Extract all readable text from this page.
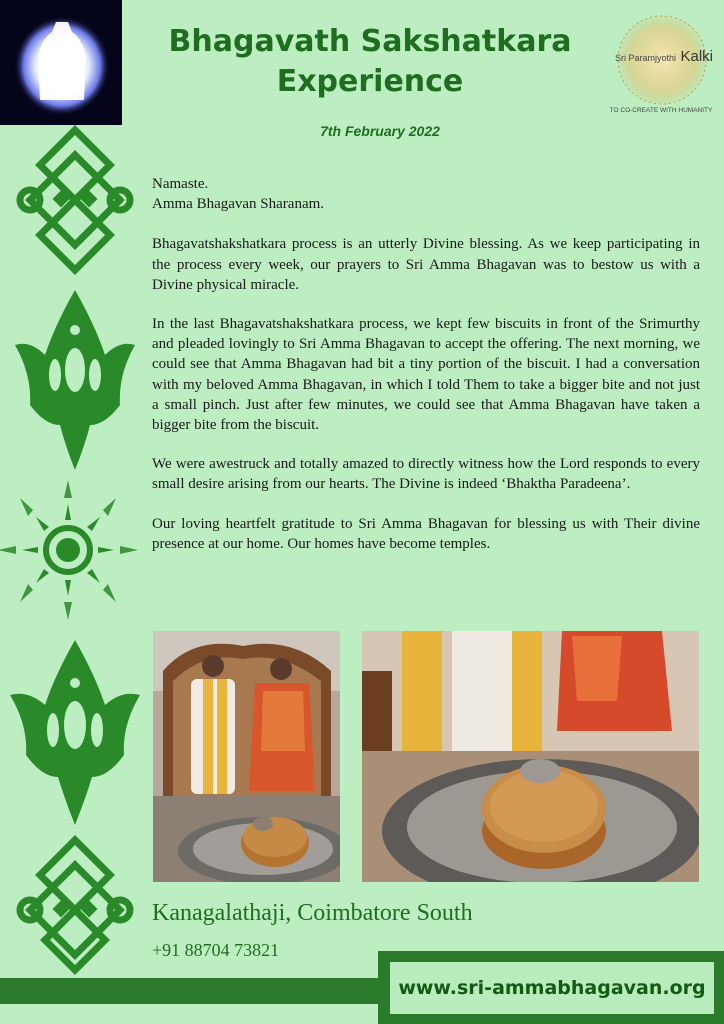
Bhagavath Sakshatkara
Experience
7th February 2022
Sri Paramjyothi Kalki
TO CO-CREATE WITH HUMANITY

Namaste.
Amma Bhagavan Sharanam.

Bhagavatshakshatkara process is an utterly Divine blessing. As we keep participating in the process every week, our prayers to Sri Amma Bhagavan was to bestow us with a Divine physical miracle.

In the last Bhagavatshakshatkara process, we kept few biscuits in front of the Srimurthy and pleaded lovingly to Sri Amma Bhagavan to accept the offering. The next morning, we could see that Amma Bhagavan had bit a tiny portion of the biscuit. I had a conversation with my beloved Amma Bhagavan, in which I told Them to take a bigger bite and not just a small pinch. Just after few minutes, we could see that Amma Bhagavan have taken a bigger bite from the biscuit.

We were awestruck and totally amazed to directly witness how the Lord responds to every small desire arising from our hearts. The Divine is indeed ‘Bhaktha Paradeena’.

Our loving heartfelt gratitude to Sri Amma Bhagavan for blessing us with Their divine presence at our home. Our homes have become temples.

Kanagalathaji, Coimbatore South
+91 88704 73821
www.sri-ammabhagavan.org
